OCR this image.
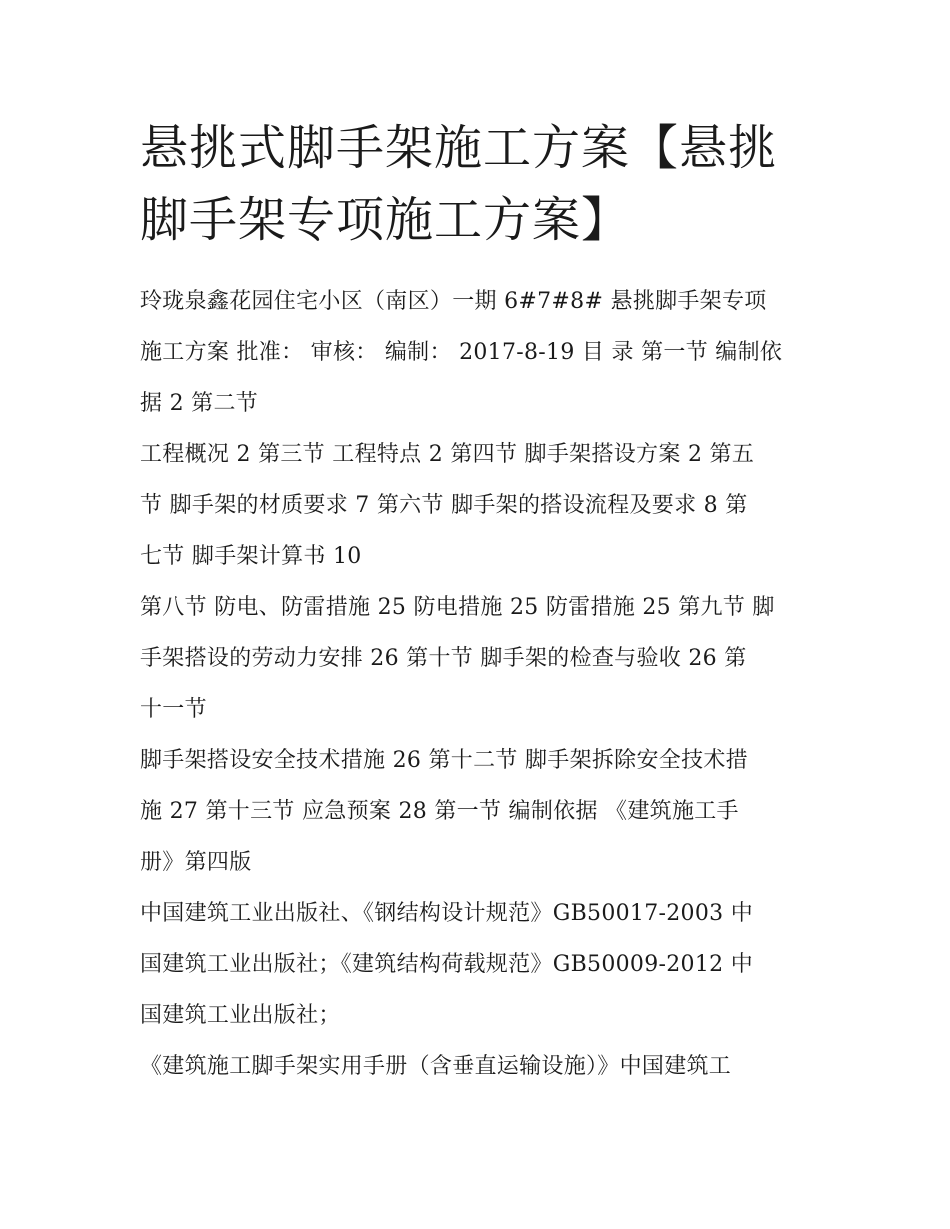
悬挑式脚手架施工方案【悬挑
脚手架专项施工方案】

玲珑泉鑫花园住宅小区（南区）一期 6#7#8# 悬挑脚手架专项
施工方案 批准： 审核： 编制： 2017-8-19 目 录 第一节 编制依
据 2 第二节

工程概况 2 第三节 工程特点 2 第四节 脚手架搭设方案 2 第五
节 脚手架的材质要求 7 第六节 脚手架的搭设流程及要求 8 第
七节 脚手架计算书 10

第八节 防电、防雷措施 25 防电措施 25 防雷措施 25 第九节 脚
手架搭设的劳动力安排 26 第十节 脚手架的检查与验收 26 第
十一节

脚手架搭设安全技术措施 26 第十二节 脚手架拆除安全技术措
施 27 第十三节 应急预案 28 第一节 编制依据 《建筑施工手
册》第四版

中国建筑工业出版社、《钢结构设计规范》GB50017-2003 中
国建筑工业出版社；《建筑结构荷载规范》GB50009-2012 中
国建筑工业出版社；

《建筑施工脚手架实用手册（含垂直运输设施）》中国建筑工
